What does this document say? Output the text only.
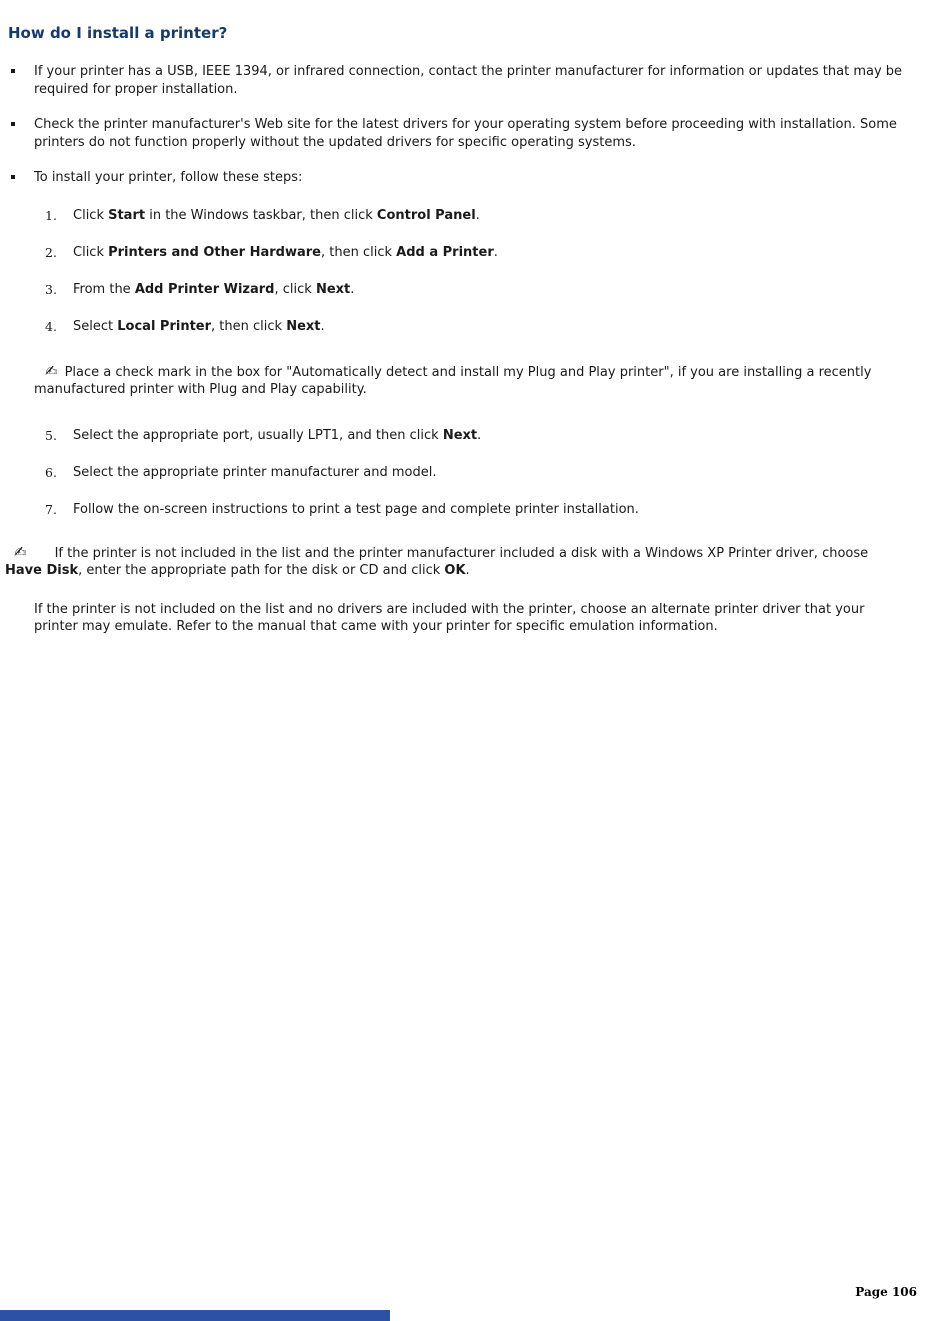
How do I install a printer?

If your printer has a USB, IEEE 1394, or infrared connection, contact the printer manufacturer for information or updates that may be required for proper installation.

Check the printer manufacturer's Web site for the latest drivers for your operating system before proceeding with installation. Some printers do not function properly without the updated drivers for specific operating systems.

To install your printer, follow these steps:

1.	Click Start in the Windows taskbar, then click Control Panel.

2.	Click Printers and Other Hardware, then click Add a Printer.

3.	From the Add Printer Wizard, click Next.

4.	Select Local Printer, then click Next.

✍ Place a check mark in the box for "Automatically detect and install my Plug and Play printer", if you are installing a recently manufactured printer with Plug and Play capability.

5.	Select the appropriate port, usually LPT1, and then click Next.

6.	Select the appropriate printer manufacturer and model.

7.	Follow the on-screen instructions to print a test page and complete printer installation.

✍ If the printer is not included in the list and the printer manufacturer included a disk with a Windows XP Printer driver, choose Have Disk, enter the appropriate path for the disk or CD and click OK.

If the printer is not included on the list and no drivers are included with the printer, choose an alternate printer driver that your printer may emulate. Refer to the manual that came with your printer for specific emulation information.

Page 106
